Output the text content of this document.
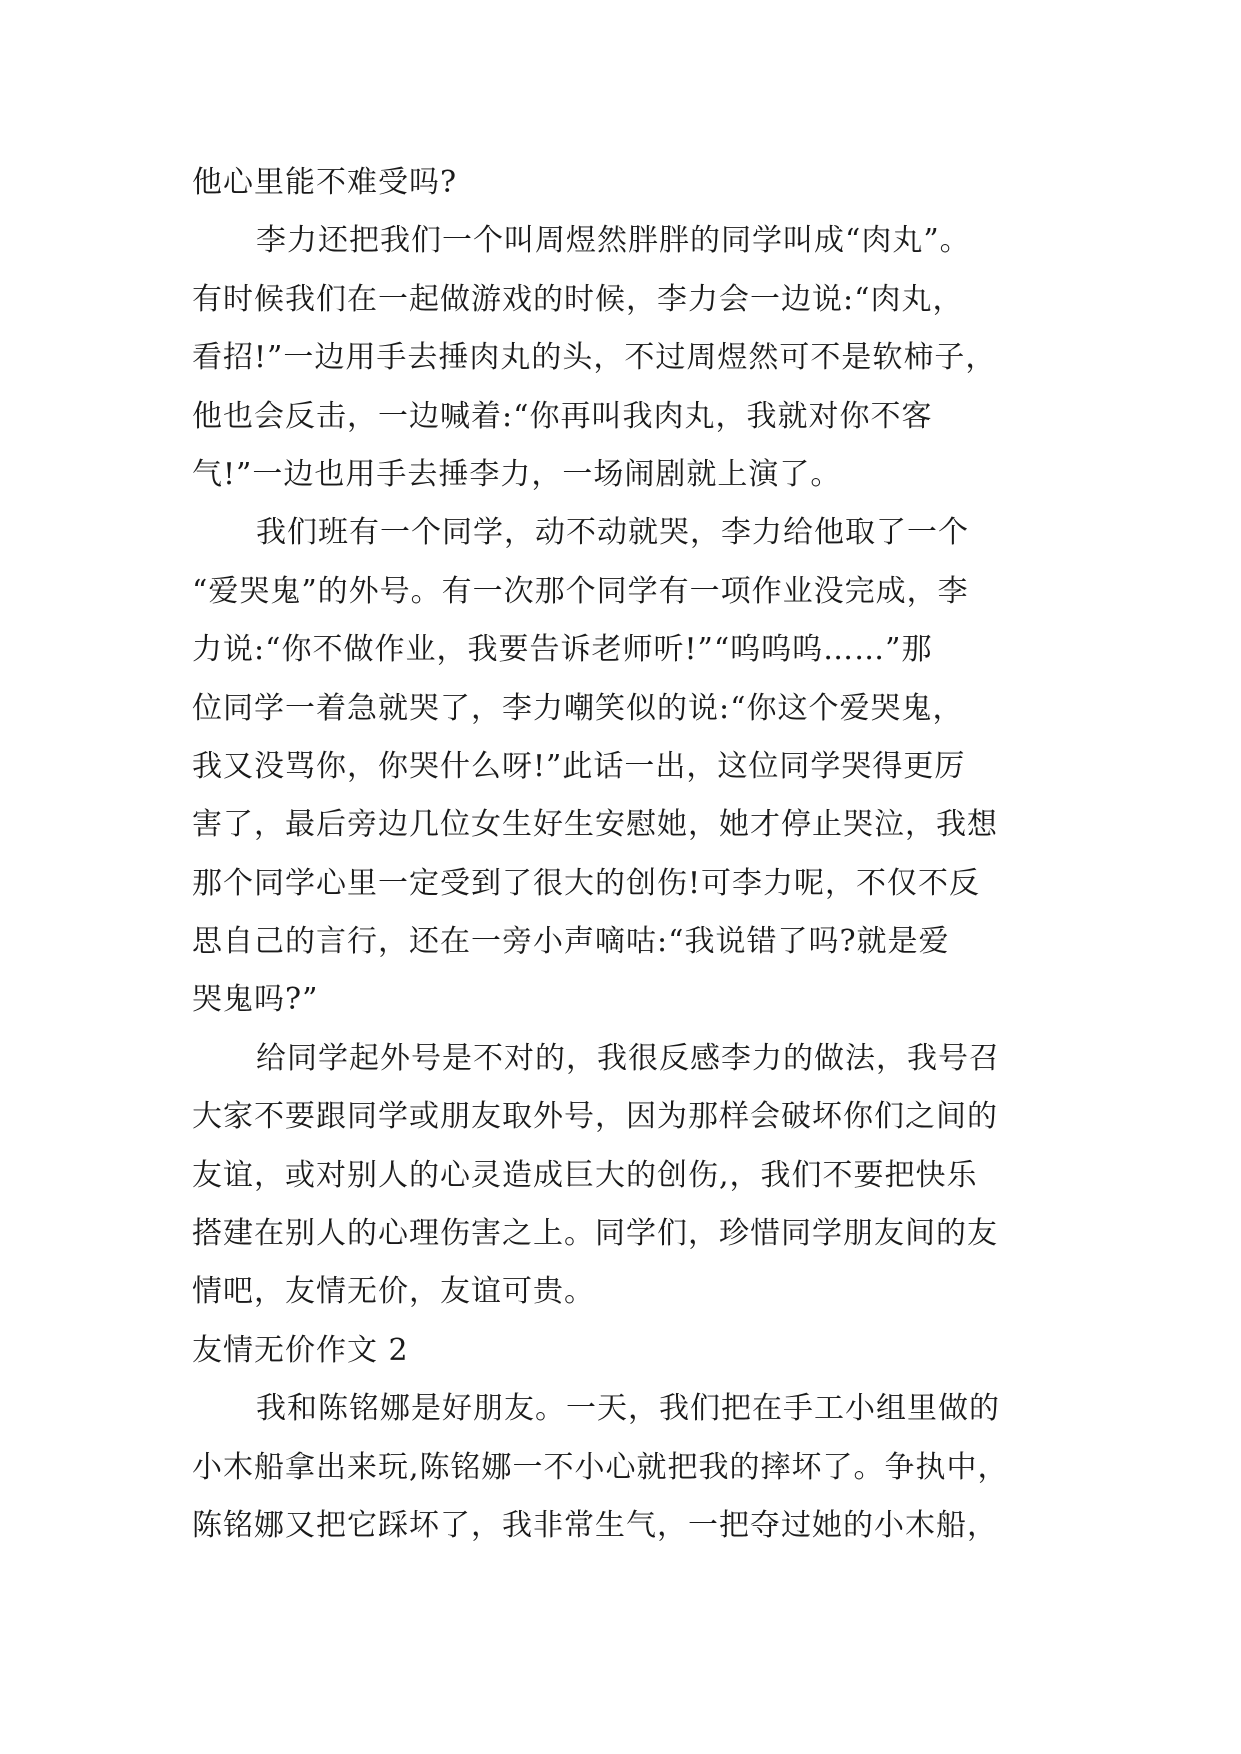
他心里能不难受吗?
李力还把我们一个叫周煜然胖胖的同学叫成“肉丸”。
有时候我们在一起做游戏的时候，李力会一边说:“肉丸，
看招!”一边用手去捶肉丸的头，不过周煜然可不是软柿子，
他也会反击，一边喊着:“你再叫我肉丸，我就对你不客
气!”一边也用手去捶李力，一场闹剧就上演了。
我们班有一个同学，动不动就哭，李力给他取了一个
“爱哭鬼”的外号。有一次那个同学有一项作业没完成，李
力说:“你不做作业，我要告诉老师听!”“呜呜呜……”那
位同学一着急就哭了，李力嘲笑似的说:“你这个爱哭鬼，
我又没骂你，你哭什么呀!”此话一出，这位同学哭得更厉
害了，最后旁边几位女生好生安慰她，她才停止哭泣，我想
那个同学心里一定受到了很大的创伤!可李力呢，不仅不反
思自己的言行，还在一旁小声嘀咕:“我说错了吗?就是爱
哭鬼吗?”
给同学起外号是不对的，我很反感李力的做法，我号召
大家不要跟同学或朋友取外号，因为那样会破坏你们之间的
友谊，或对别人的心灵造成巨大的创伤,，我们不要把快乐
搭建在别人的心理伤害之上。同学们，珍惜同学朋友间的友
情吧，友情无价，友谊可贵。
友情无价作文 2
我和陈铭娜是好朋友。一天，我们把在手工小组里做的
小木船拿出来玩,陈铭娜一不小心就把我的摔坏了。争执中，
陈铭娜又把它踩坏了，我非常生气，一把夺过她的小木船，
